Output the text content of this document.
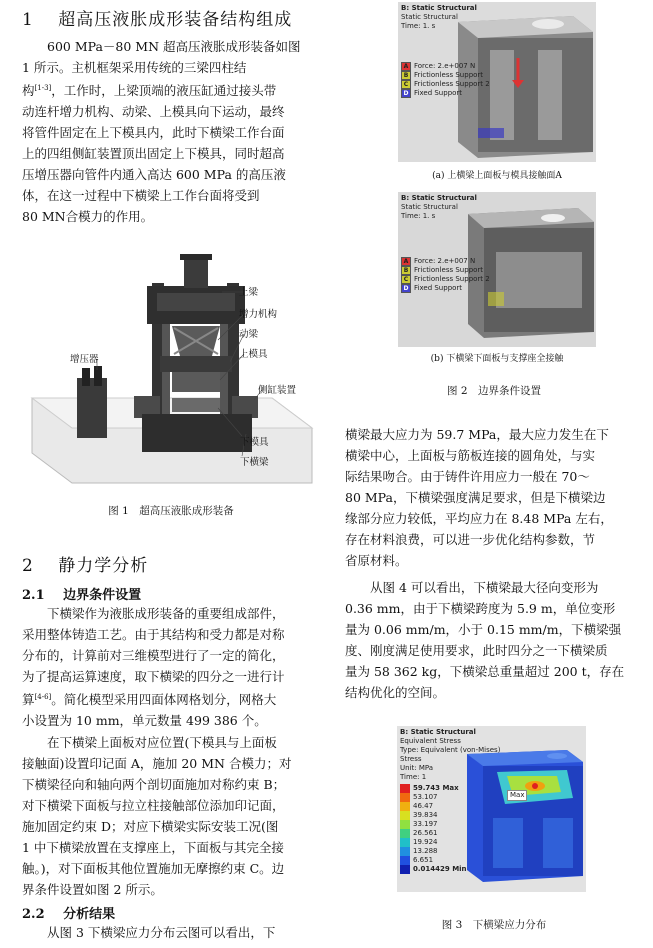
1 超高压液胀成形装备结构组成
600 MPa－80 MN 超高压液胀成形装备如图
1 所示。主机框架采用传统的三梁四柱结
构[1-3]，工作时，上梁顶端的液压缸通过接头带
动连杆增力机构、动梁、上模具向下运动，最终
将管件固定在上下模具内，此时下横梁工作台面
上的四组侧缸装置顶出固定上下模具，同时超高
压增压器向管件内通入高达 600 MPa 的高压液
体，在这一过程中下横梁上工作台面将受到
80 MN合模力的作用。
上梁
增力机构
动梁
上模具
增压器
侧缸装置
下模具
下横梁
图 1　超高压液胀成形装备
2 静力学分析
2.1 边界条件设置
下横梁作为液胀成形装备的重要组成部件，
采用整体铸造工艺。由于其结构和受力都是对称
分布的，计算前对三维模型进行了一定的简化，
为了提高运算速度，取下横梁的四分之一进行计
算[4-6]。简化模型采用四面体网格划分，网格大
小设置为 10 mm，单元数量 499 386 个。
在下横梁上面板对应位置(下模具与上面板
接触面)设置印记面 A，施加 20 MN 合模力；对
下横梁径向和轴向两个剖切面施加对称约束 B；
对下横梁下面板与拉立柱接触部位添加印记面，
施加固定约束 D；对应下横梁实际安装工况(图
1 中下横梁放置在支撑座上，下面板与其完全接
触。)，对下面板其他位置施加无摩擦约束 C。边
界条件设置如图 2 所示。
2.2 分析结果
从图 3 下横梁应力分布云图可以看出，下
B: Static Structural
Static Structural
Time: 1. s
A Force: 2.e+007 N
B Frictionless Support
C Frictionless Support 2
D Fixed Support
(a) 上横梁上面板与模具接触面A
B: Static Structural
Static Structural
Time: 1. s
A Force: 2.e+007 N
B Frictionless Support
C Frictionless Support 2
D Fixed Support
(b) 下横梁下面板与支撑座全接触
图 2　边界条件设置
横梁最大应力为 59.7 MPa，最大应力发生在下
横梁中心，上面板与筋板连接的圆角处，与实
际结果吻合。由于铸件许用应力一般在 70～
80 MPa，下横梁强度满足要求，但是下横梁边
缘部分应力较低，平均应力在 8.48 MPa 左右，
存在材料浪费，可以进一步优化结构参数，节
省原材料。
从图 4 可以看出，下横梁最大径向变形为
0.36 mm，由于下横梁跨度为 5.9 m，单位变形
量为 0.06 mm/m，小于 0.15 mm/m，下横梁强
度、刚度满足使用要求，此时四分之一下横梁质
量为 58 362 kg，下横梁总重量超过 200 t，存在
结构优化的空间。
B: Static Structural
Equivalent Stress
Type: Equivalent (von-Mises) Stress
Unit: MPa
Time: 1
59.743 Max
53.107
46.47
39.834
33.197
26.561
19.924
13.288
6.651
0.014429 Min
Max
图 3　下横梁应力分布
